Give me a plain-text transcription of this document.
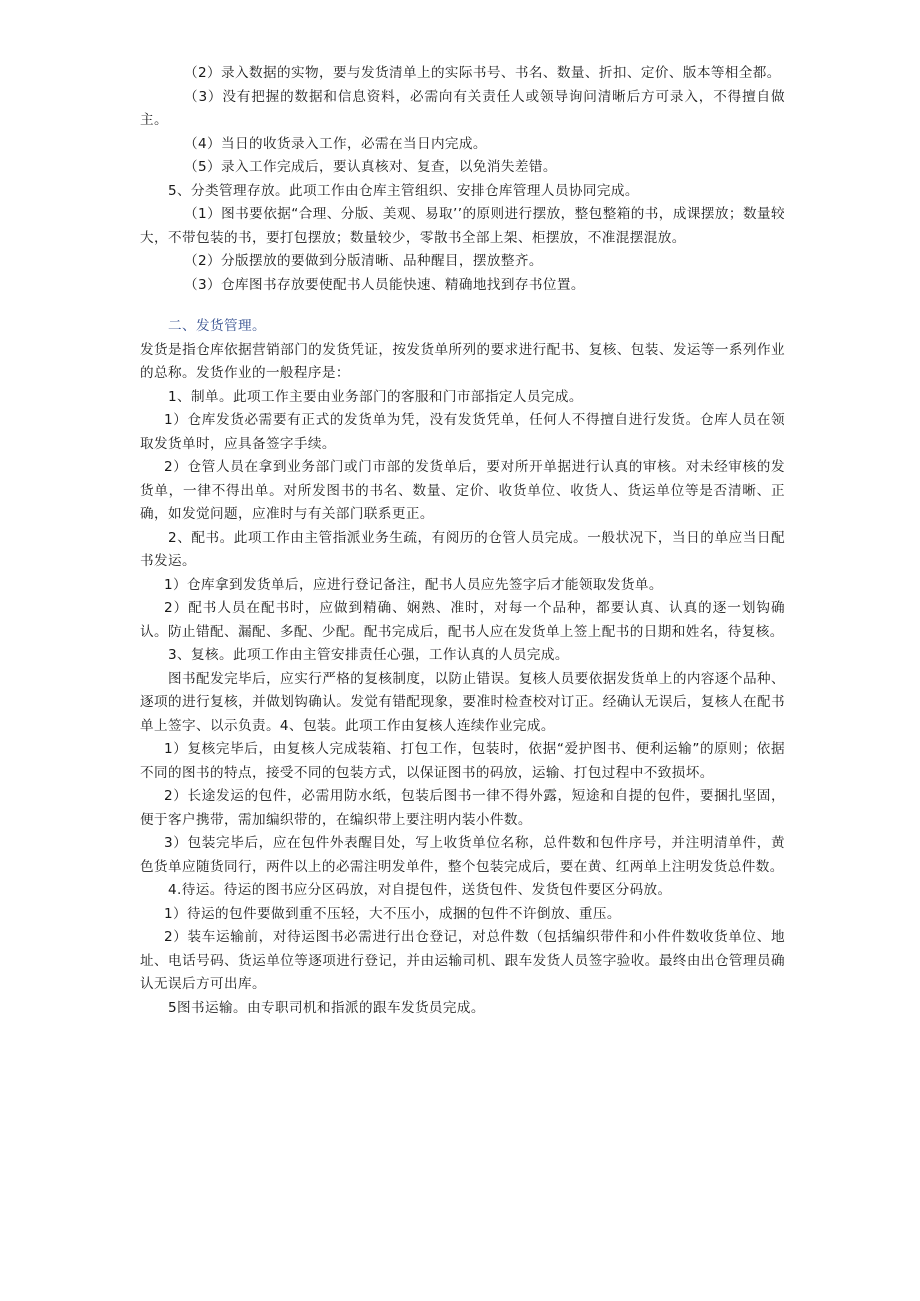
（2）录入数据的实物，要与发货清单上的实际书号、书名、数量、折扣、定价、版本等相全都。

（3）没有把握的数据和信息资料，必需向有关责任人或领导询问清晰后方可录入，不得擅自做主。

（4）当日的收货录入工作，必需在当日内完成。

（5）录入工作完成后，要认真核对、复查，以免消失差错。

5、分类管理存放。此项工作由仓库主管组织、安排仓库管理人员协同完成。

（1）图书要依据“合理、分版、美观、易取’’的原则进行摆放，整包整箱的书，成课摆放；数量较大，不带包装的书，要打包摆放；数量较少，零散书全部上架、柜摆放，不准混摆混放。

（2）分版摆放的要做到分版清晰、品种醒目，摆放整齐。

（3）仓库图书存放要使配书人员能快速、精确地找到存书位置。

二、发货管理。

发货是指仓库依据营销部门的发货凭证，按发货单所列的要求进行配书、复核、包装、发运等一系列作业的总称。发货作业的一般程序是：

1、制单。此项工作主要由业务部门的客服和门市部指定人员完成。

1）仓库发货必需要有正式的发货单为凭，没有发货凭单，任何人不得擅自进行发货。仓库人员在领取发货单时，应具备签字手续。

2）仓管人员在拿到业务部门或门市部的发货单后，要对所开单据进行认真的审核。对未经审核的发货单，一律不得出单。对所发图书的书名、数量、定价、收货单位、收货人、货运单位等是否清晰、正确，如发觉问题，应准时与有关部门联系更正。

2、配书。此项工作由主管指派业务生疏，有阅历的仓管人员完成。一般状况下，当日的单应当日配书发运。

1）仓库拿到发货单后，应进行登记备注，配书人员应先签字后才能领取发货单。

2）配书人员在配书时，应做到精确、娴熟、准时，对每一个品种，都要认真、认真的逐一划钩确认。防止错配、漏配、多配、少配。配书完成后，配书人应在发货单上签上配书的日期和姓名，待复核。

3、复核。此项工作由主管安排责任心强，工作认真的人员完成。

图书配发完毕后，应实行严格的复核制度，以防止错误。复核人员要依据发货单上的内容逐个品种、逐项的进行复核，并做划钩确认。发觉有错配现象，要准时检查校对订正。经确认无误后，复核人在配书单上签字、以示负责。4、包装。此项工作由复核人连续作业完成。

1）复核完毕后，由复核人完成装箱、打包工作，包装时，依据“爱护图书、便利运输”的原则；依据不同的图书的特点，接受不同的包装方式，以保证图书的码放，运输、打包过程中不致损坏。

2）长途发运的包件，必需用防水纸，包装后图书一律不得外露，短途和自提的包件，要捆扎坚固，便于客户携带，需加编织带的，在编织带上要注明内装小件数。

3）包装完毕后，应在包件外表醒目处，写上收货单位名称，总件数和包件序号，并注明清单件，黄色货单应随货同行，两件以上的必需注明发单件，整个包装完成后，要在黄、红两单上注明发货总件数。

4.待运。待运的图书应分区码放，对自提包件，送货包件、发货包件要区分码放。

1）待运的包件要做到重不压轻，大不压小，成捆的包件不许倒放、重压。

2）装车运输前，对待运图书必需进行出仓登记，对总件数（包括编织带件和小件件数收货单位、地址、电话号码、货运单位等逐项进行登记，并由运输司机、跟车发货人员签字验收。最终由出仓管理员确认无误后方可出库。

5图书运输。由专职司机和指派的跟车发货员完成。
